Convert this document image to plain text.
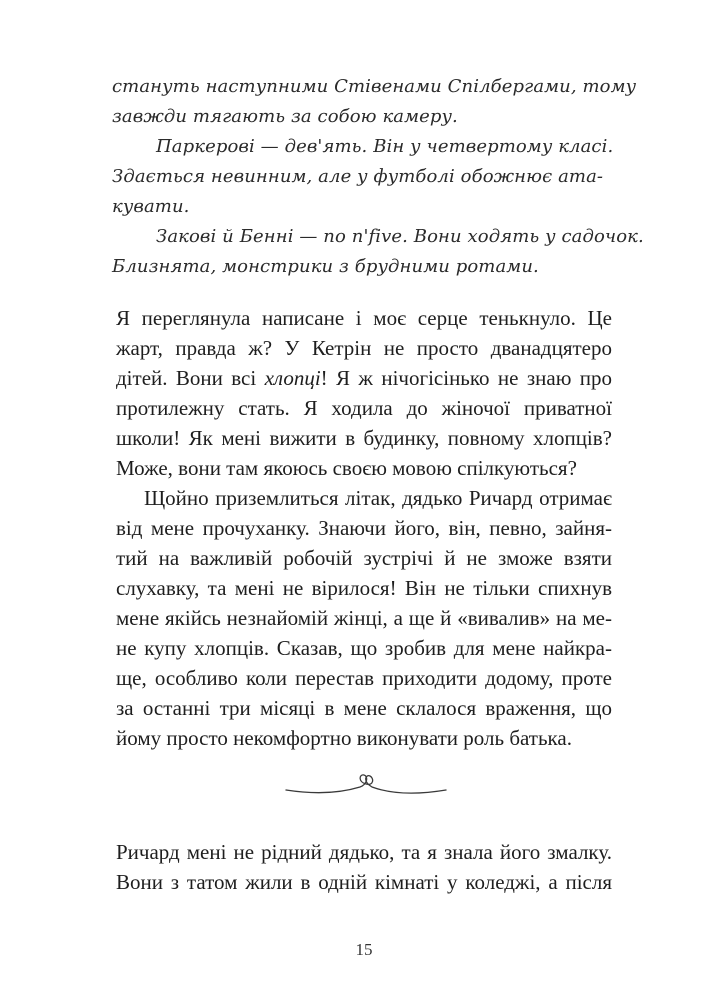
стануть наступними Стівенами Спілбергами, тому

завжди тягають за собою камеру.

Паркерові — дев'ять. Він у четвертому класі.

Здається невинним, але у футболі обожнює ата-

кувати.

Закові й Бенні — по п'five. Вони ходять у садочок.

Близнята, монстрики з брудними ротами.

Я переглянула написане і моє серце тенькнуло. Це
жарт, правда ж? У Кетрін не просто дванадцятеро
дітей. Вони всі хлопці! Я ж нічогісінько не знаю про
протилежну стать. Я ходила до жіночої приватної
школи! Як мені вижити в будинку, повному хлопців?
Може, вони там якоюсь своєю мовою спілкуються?
Щойно приземлиться літак, дядько Ричард отримає
від мене прочуханку. Знаючи його, він, певно, зайня-
тий на важливій робочій зустрічі й не зможе взяти
слухавку, та мені не вірилося! Він не тільки спихнув
мене якійсь незнайомій жінці, а ще й «вивалив» на ме-
не купу хлопців. Сказав, що зробив для мене найкра-
ще, особливо коли перестав приходити додому, проте
за останні три місяці в мене склалося враження, що
йому просто некомфортно виконувати роль батька.
Ричард мені не рідний дядько, та я знала його змалку.
Вони з татом жили в одній кімнаті у коледжі, а після
15
